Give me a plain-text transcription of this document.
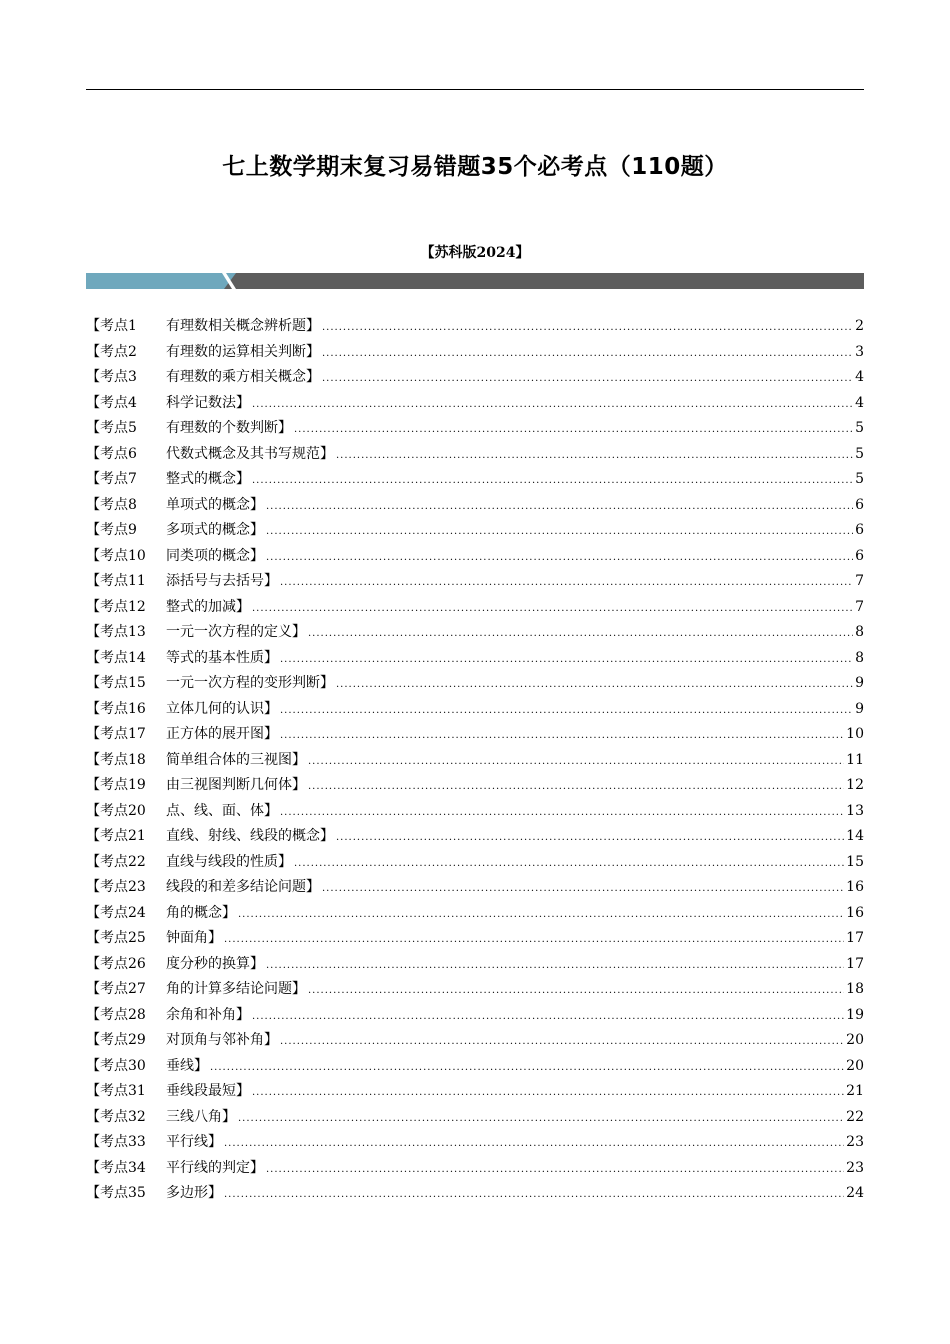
七上数学期末复习易错题35个必考点（110题）
【苏科版2024】
【考点1	有理数相关概念辨析题】 .....	2
【考点2	有理数的运算相关判断】 .....	3
【考点3	有理数的乘方相关概念】 .....	4
【考点4	科学记数法】 .....	4
【考点5	有理数的个数判断】 .....	5
【考点6	代数式概念及其书写规范】 .....	5
【考点7	整式的概念】 .....	5
【考点8	单项式的概念】 .....	6
【考点9	多项式的概念】 .....	6
【考点10	同类项的概念】 .....	6
【考点11	添括号与去括号】 .....	7
【考点12	整式的加减】 .....	7
【考点13	一元一次方程的定义】 .....	8
【考点14	等式的基本性质】 .....	8
【考点15	一元一次方程的变形判断】 .....	9
【考点16	立体几何的认识】 .....	9
【考点17	正方体的展开图】 .....	10
【考点18	简单组合体的三视图】 .....	11
【考点19	由三视图判断几何体】 .....	12
【考点20	点、线、面、体】 .....	13
【考点21	直线、射线、线段的概念】 .....	14
【考点22	直线与线段的性质】 .....	15
【考点23	线段的和差多结论问题】 .....	16
【考点24	角的概念】 .....	16
【考点25	钟面角】 .....	17
【考点26	度分秒的换算】 .....	17
【考点27	角的计算多结论问题】 .....	18
【考点28	余角和补角】 .....	19
【考点29	对顶角与邻补角】 .....	20
【考点30	垂线】 .....	20
【考点31	垂线段最短】 .....	21
【考点32	三线八角】 .....	22
【考点33	平行线】 .....	23
【考点34	平行线的判定】 .....	23
【考点35	多边形】 .....	24
